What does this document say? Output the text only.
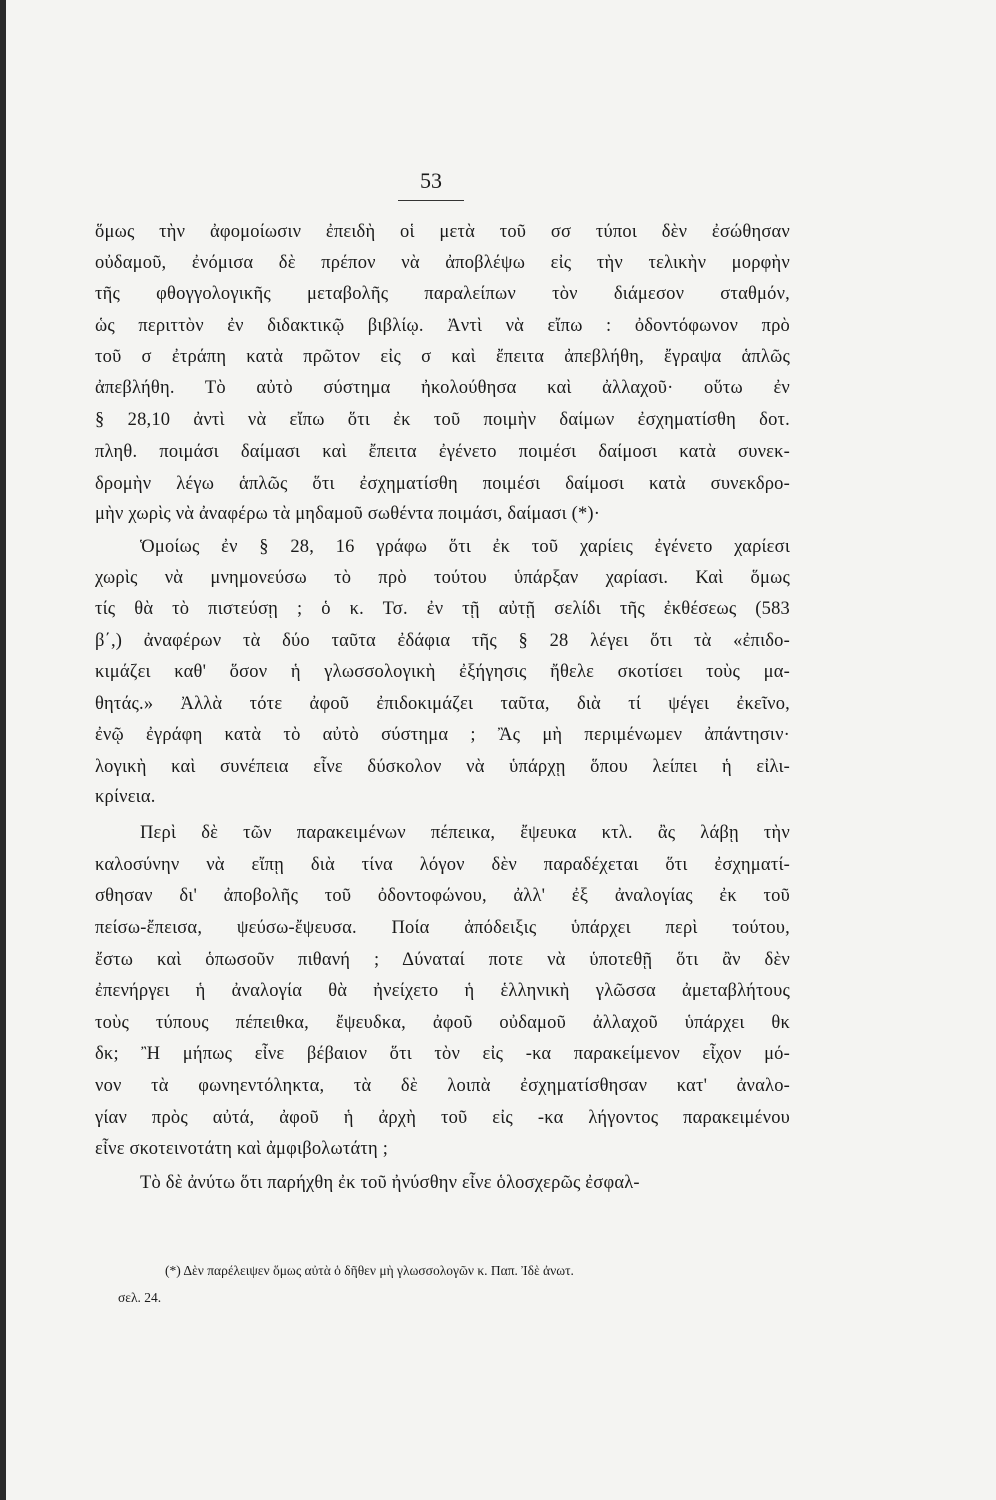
53
ὅμως τὴν ἀφομοίωσιν ἐπειδὴ οἱ μετὰ τοῦ σσ τύποι δὲν ἐσώθησαν
οὐδαμοῦ, ἐνόμισα δὲ πρέπον νὰ ἀποβλέψω εἰς τὴν τελικὴν μορφὴν
τῆς φθογγολογικῆς μεταβολῆς παραλείπων τὸν διάμεσον σταθμόν,
ὡς περιττὸν ἐν διδακτικῷ βιβλίῳ. Ἀντὶ νὰ εἴπω : ὀδοντόφωνον πρὸ
τοῦ σ ἐτράπη κατὰ πρῶτον εἰς σ καὶ ἔπειτα ἀπεβλήθη, ἔγραψα ἁπλῶς
ἀπεβλήθη. Τὸ αὐτὸ σύστημα ἠκολούθησα καὶ ἀλλαχοῦ· οὕτω ἐν
§ 28,10 ἀντὶ νὰ εἴπω ὅτι ἐκ τοῦ ποιμὴν δαίμων ἐσχηματίσθη δοτ.
πληθ. ποιμάσι δαίμασι καὶ ἔπειτα ἐγένετο ποιμέσι δαίμοσι κατὰ συνεκ-
δρομὴν λέγω ἁπλῶς ὅτι ἐσχηματίσθη ποιμέσι δαίμοσι κατὰ συνεκδρο-
μὴν χωρὶς νὰ ἀναφέρω τὰ μηδαμοῦ σωθέντα ποιμάσι, δαίμασι (*)·
Ὁμοίως ἐν § 28, 16 γράφω ὅτι ἐκ τοῦ χαρίεις ἐγένετο χαρίεσι
χωρὶς νὰ μνημονεύσω τὸ πρὸ τούτου ὑπάρξαν χαρίασι. Καὶ ὅμως
τίς θὰ τὸ πιστεύσῃ ; ὁ κ. Τσ. ἐν τῇ αὐτῇ σελίδι τῆς ἐκθέσεως (583
β΄,) ἀναφέρων τὰ δύο ταῦτα ἐδάφια τῆς § 28 λέγει ὅτι τὰ «ἐπιδο-
κιμάζει καθ' ὅσον ἡ γλωσσολογικὴ ἐξήγησις ἤθελε σκοτίσει τοὺς μα-
θητάς.» Ἀλλὰ τότε ἀφοῦ ἐπιδοκιμάζει ταῦτα, διὰ τί ψέγει ἐκεῖνο,
ἐνῷ ἐγράφη κατὰ τὸ αὐτὸ σύστημα ; Ἂς μὴ περιμένωμεν ἀπάντησιν·
λογικὴ καὶ συνέπεια εἶνε δύσκολον νὰ ὑπάρχῃ ὅπου λείπει ἡ εἰλι-
κρίνεια.
Περὶ δὲ τῶν παρακειμένων πέπεικα, ἔψευκα κτλ. ἂς λάβῃ τὴν
καλοσύνην νὰ εἴπῃ διὰ τίνα λόγον δὲν παραδέχεται ὅτι ἐσχηματί-
σθησαν δι' ἀποβολῆς τοῦ ὀδοντοφώνου, ἀλλ' ἐξ ἀναλογίας ἐκ τοῦ
πείσω-ἔπεισα, ψεύσω-ἔψευσα. Ποία ἀπόδειξις ὑπάρχει περὶ τούτου,
ἔστω καὶ ὁπωσοῦν πιθανή ; Δύναταί ποτε νὰ ὑποτεθῇ ὅτι ἂν δὲν
ἐπενήργει ἡ ἀναλογία θὰ ἠνείχετο ἡ ἑλληνικὴ γλῶσσα ἀμεταβλήτους
τοὺς τύπους πέπειθκα, ἔψευδκα, ἀφοῦ οὐδαμοῦ ἀλλαχοῦ ὑπάρχει θκ
δκ; Ἢ μήπως εἶνε βέβαιον ὅτι τὸν εἰς -κα παρακείμενον εἶχον μό-
νον τὰ φωνηεντόληκτα, τὰ δὲ λοιπὰ ἐσχηματίσθησαν κατ' ἀναλο-
γίαν πρὸς αὐτά, ἀφοῦ ἡ ἀρχὴ τοῦ εἰς -κα λήγοντος παρακειμένου
εἶνε σκοτεινοτάτη καὶ ἀμφιβολωτάτη ;
Τὸ δὲ ἀνύτω ὅτι παρήχθη ἐκ τοῦ ἠνύσθην εἶνε ὁλοσχερῶς ἐσφαλ-
(*) Δὲν παρέλειψεν ὅμως αὐτὰ ὁ δῆθεν μὴ γλωσσολογῶν κ. Παπ. Ἰδὲ ἀνωτ.
σελ. 24.
